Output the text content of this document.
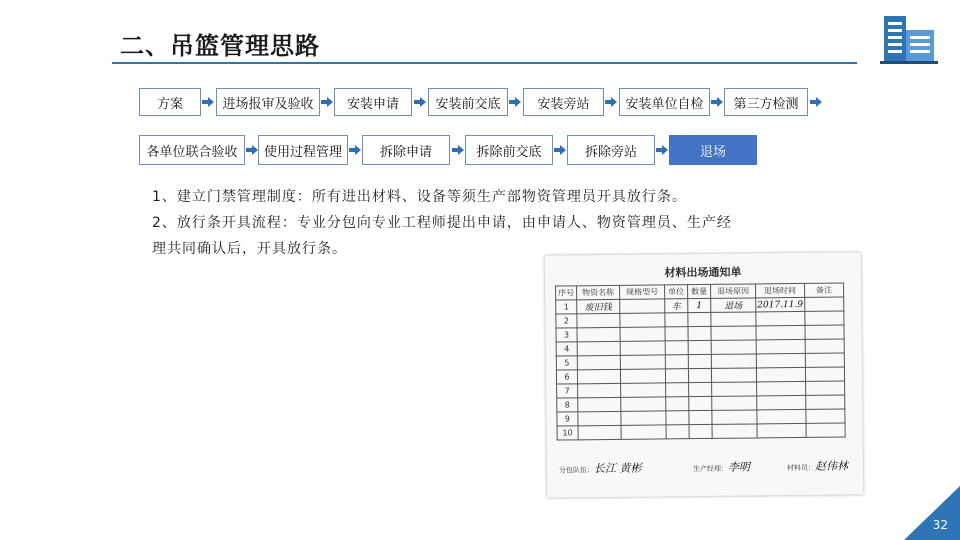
二、吊篮管理思路
方案	进场报审及验收	安装申请	安装前交底	安装旁站	安装单位自检	第三方检测
各单位联合验收	使用过程管理	拆除申请	拆除前交底	拆除旁站	退场
1、建立门禁管理制度：所有进出材料、设备等须生产部物资管理员开具放行条。
2、放行条开具流程：专业分包向专业工程师提出申请，由申请人、物资管理员、生产经
理共同确认后，开具放行条。
材料出场通知单
序号	物资名称	规格型号	单位	数量	退场原因	退场时间	备注
1	废旧钱		车	1	退场	2017.11.9	
2							
3							
4							
5							
6							
7							
8							
9							
10							
分包队伍：长江 黄彬	生产经理：李明	材料员：赵伟林
32
